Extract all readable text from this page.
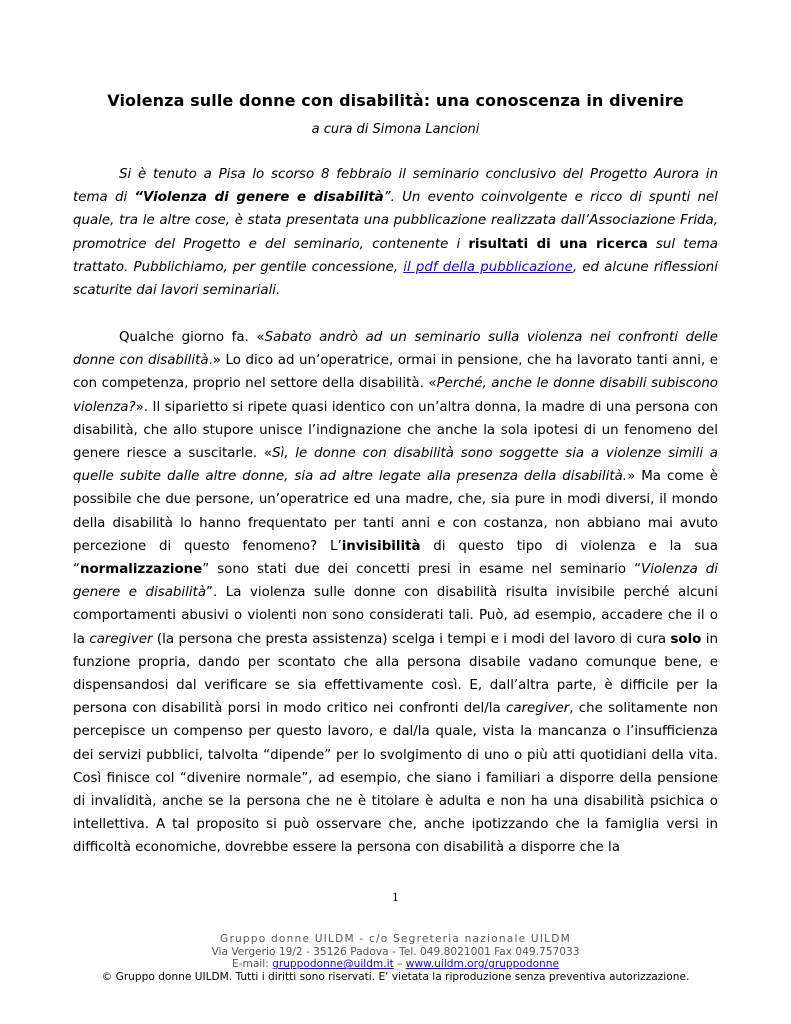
Violenza sulle donne con disabilità: una conoscenza in divenire

a cura di Simona Lancioni

Si è tenuto a Pisa lo scorso 8 febbraio il seminario conclusivo del Progetto Aurora in tema di “Violenza di genere e disabilità”. Un evento coinvolgente e ricco di spunti nel quale, tra le altre cose, è stata presentata una pubblicazione realizzata dall’Associazione Frida, promotrice del Progetto e del seminario, contenente i risultati di una ricerca sul tema trattato. Pubblichiamo, per gentile concessione, il pdf della pubblicazione, ed alcune riflessioni scaturite dai lavori seminariali.

Qualche giorno fa. «Sabato andrò ad un seminario sulla violenza nei confronti delle donne con disabilità.» Lo dico ad un’operatrice, ormai in pensione, che ha lavorato tanti anni, e con competenza, proprio nel settore della disabilità. «Perché, anche le donne disabili subiscono violenza?». Il siparietto si ripete quasi identico con un’altra donna, la madre di una persona con disabilità, che allo stupore unisce l’indignazione che anche la sola ipotesi di un fenomeno del genere riesce a suscitarle. «Sì, le donne con disabilità sono soggette sia a violenze simili a quelle subite dalle altre donne, sia ad altre legate alla presenza della disabilità.» Ma come è possibile che due persone, un’operatrice ed una madre, che, sia pure in modi diversi, il mondo della disabilità lo hanno frequentato per tanti anni e con costanza, non abbiano mai avuto percezione di questo fenomeno? L’invisibilità di questo tipo di violenza e la sua “normalizzazione” sono stati due dei concetti presi in esame nel seminario “Violenza di genere e disabilità”. La violenza sulle donne con disabilità risulta invisibile perché alcuni comportamenti abusivi o violenti non sono considerati tali. Può, ad esempio, accadere che il o la caregiver (la persona che presta assistenza) scelga i tempi e i modi del lavoro di cura solo in funzione propria, dando per scontato che alla persona disabile vadano comunque bene, e dispensandosi dal verificare se sia effettivamente così. E, dall’altra parte, è difficile per la persona con disabilità porsi in modo critico nei confronti del/la caregiver, che solitamente non percepisce un compenso per questo lavoro, e dal/la quale, vista la mancanza o l’insufficienza dei servizi pubblici, talvolta “dipende” per lo svolgimento di uno o più atti quotidiani della vita. Così finisce col “divenire normale”, ad esempio, che siano i familiari a disporre della pensione di invalidità, anche se la persona che ne è titolare è adulta e non ha una disabilità psichica o intellettiva. A tal proposito si può osservare che, anche ipotizzando che la famiglia versi in difficoltà economiche, dovrebbe essere la persona con disabilità a disporre che la

1

Gruppo donne UILDM - c/o Segreteria nazionale UILDM
Via Vergerio 19/2 - 35126 Padova - Tel. 049.8021001 Fax 049.757033
E-mail: gruppodonne@uildm.it – www.uildm.org/gruppodonne
© Gruppo donne UILDM. Tutti i diritti sono riservati. E’ vietata la riproduzione senza preventiva autorizzazione.
